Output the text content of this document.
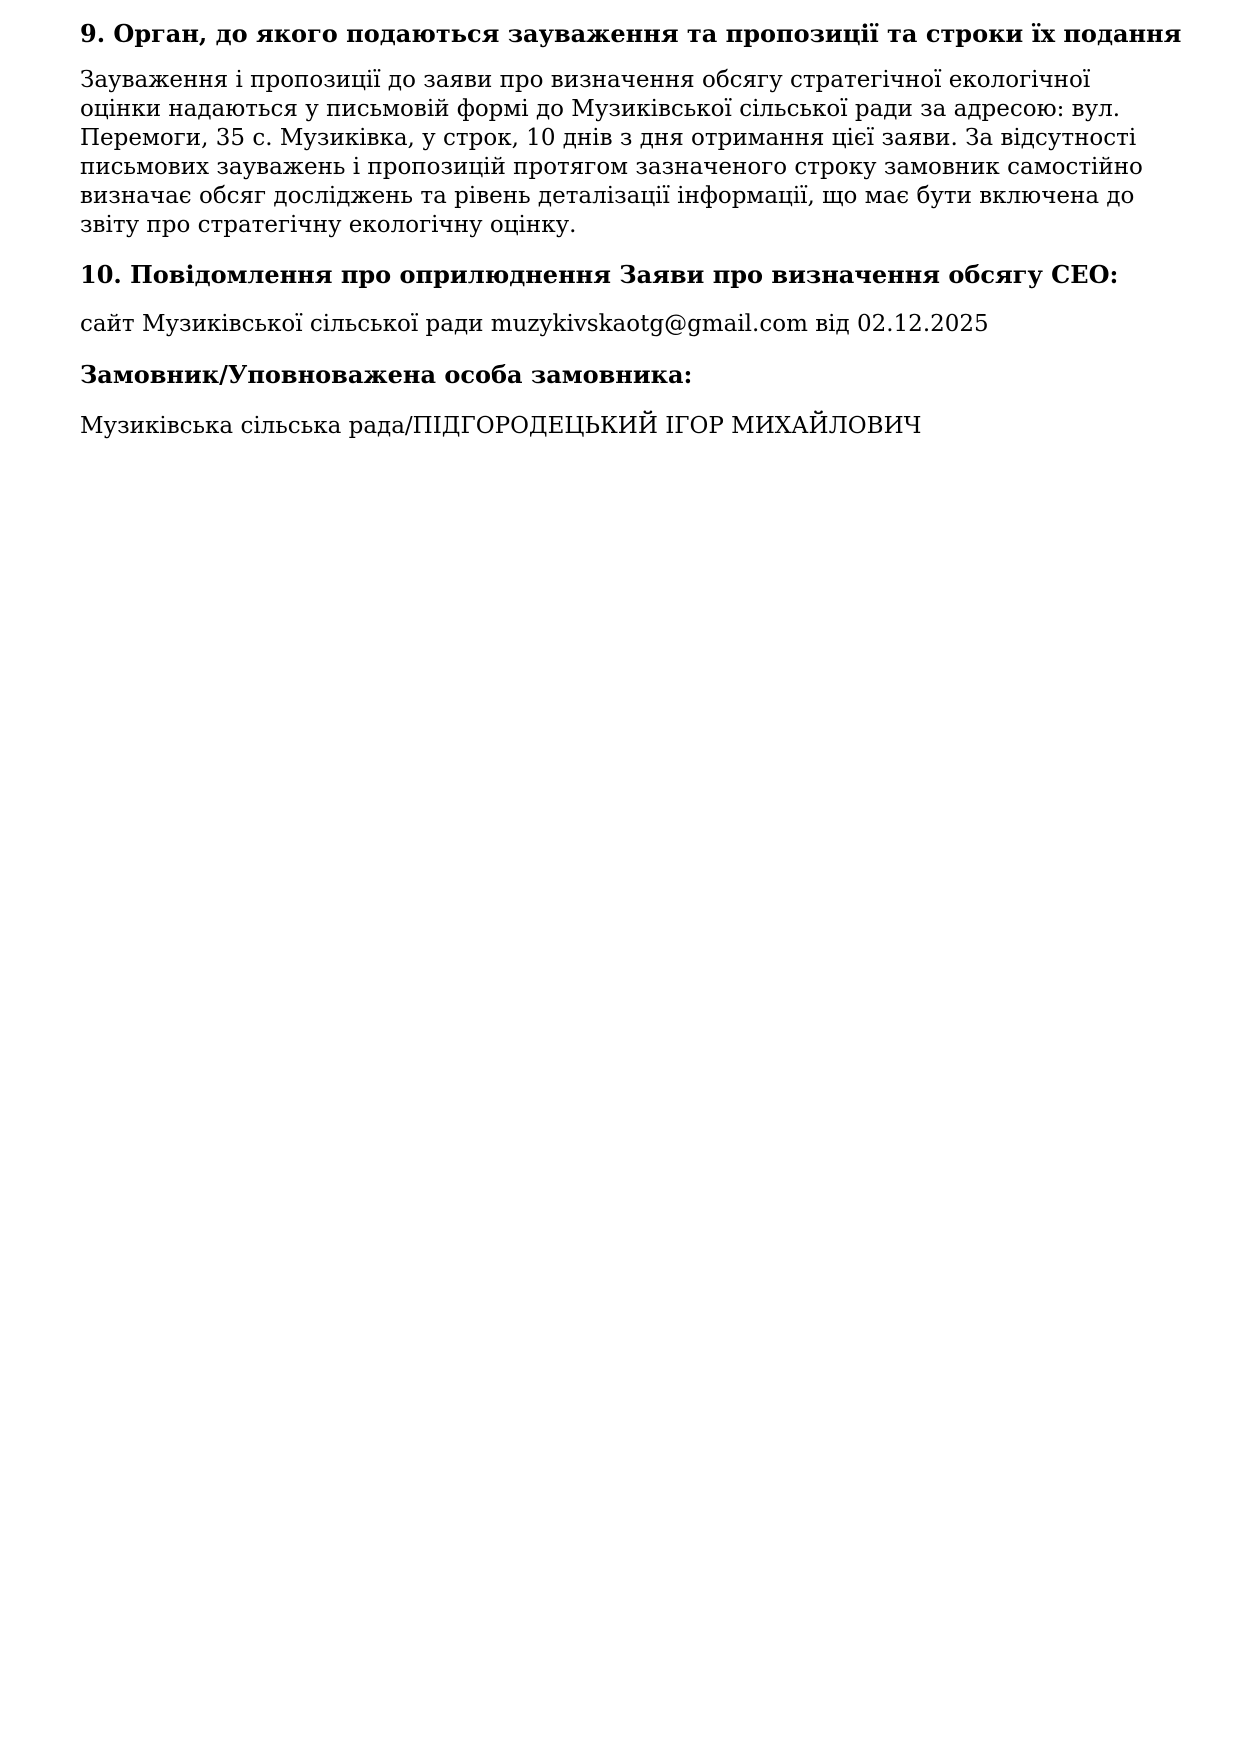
9. Орган, до якого подаються зауваження та пропозиції та строки їх подання

Зауваження і пропозиції до заяви про визначення обсягу стратегічної екологічної
оцінки надаються у письмовій формі до Музиківської сільської ради за адресою: вул.
Перемоги, 35 с. Музиківка, у строк, 10 днів з дня отримання цієї заяви. За відсутності
письмових зауважень і пропозицій протягом зазначеного строку замовник самостійно
визначає обсяг досліджень та рівень деталізації інформації, що має бути включена до
звіту про стратегічну екологічну оцінку.

10. Повідомлення про оприлюднення Заяви про визначення обсягу СЕО:

сайт Музиківської сільської ради muzykivskaotg@gmail.com від 02.12.2025

Замовник/Уповноважена особа замовника:

Музиківська сільська рада/ПІДГОРОДЕЦЬКИЙ ІГОР МИХАЙЛОВИЧ
